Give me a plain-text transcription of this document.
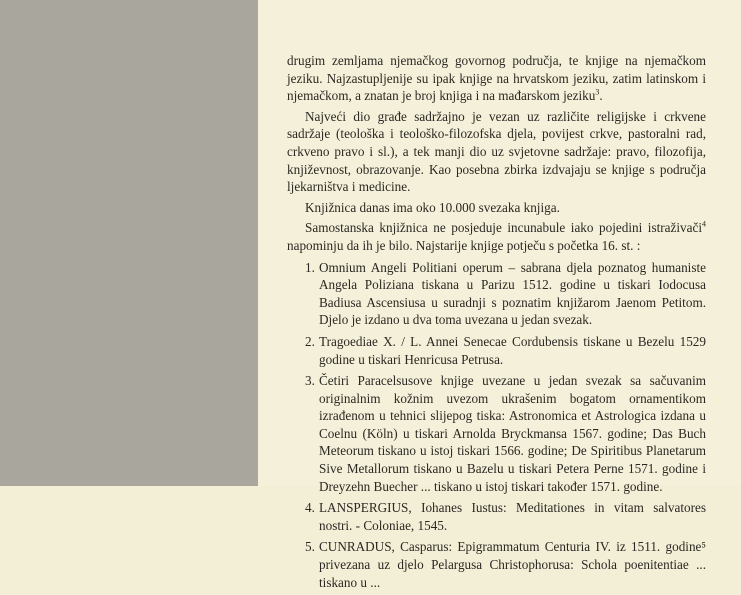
drugim zemljama njemačkog govornog područja, te knjige na njemačkom jeziku. Najzastupljenije su ipak knjige na hrvatskom jeziku, zatim latinskom i njemačkom, a znatan je broj knjiga i na mađarskom jeziku$^3$.

Najveći dio građe sadržajno je vezan uz različite religijske i crkvene sadržaje (teološka i teološko-filozofska djela, povijest crkve, pastoralni rad, crkveno pravo i sl.), a tek manji dio uz svjetovne sadržaje: pravo, filozofija, književnost, obrazovanje. Kao posebna zbirka izdvajaju se knjige s područja ljekarništva i medicine.

Knjižnica danas ima oko 10.000 svezaka knjiga.

Samostanska knjižnica ne posjeduje incunabule iako pojedini istraživači$^4$ napominju da ih je bilo. Najstarije knjige potječu s početka 16. st. :

1. Omnium Angeli Politiani operum – sabrana djela poznatog humaniste Angela Poliziana tiskana u Parizu 1512. godine u tiskari Iodocusa Badiusa Ascensiusa u suradnji s poznatim knjižarom Jaenom Petitom. Djelo je izdano u dva toma uvezana u jedan svezak.
2. Tragoediae X. / L. Annei Senecae Cordubensis tiskane u Bezelu 1529 godine u tiskari Henricusa Petrusa.
3. Četiri Paracelsusove knjige uvezane u jedan svezak sa sačuvanim originalnim kožnim uvezom ukrašenim bogatom ornamentikom izrađenom u tehnici slijepog tiska: Astronomica et Astrologica izdana u Coelnu (Köln) u tiskari Arnolda Bryckmansa 1567. godine; Das Buch Meteorum tiskano u istoj tiskari 1566. godine; De Spiritibus Planetarum Sive Metallorum tiskano u Bazelu u tiskari Petera Perne 1571. godine i Dreyzehn Buecher ... tiskano u istoj tiskari također 1571. godine.
4. LANSPERGIUS, Iohanes Iustus: Meditationes in vitam salvatores nostri. - Coloniae, 1545.
5. CUNRADUS, Casparus: Epigrammatum Centuria IV. iz 1511. godine⁵ privezana uz djelo Pelargusa Christophorusa: Schola poenitentiae ... tiskano u ...
